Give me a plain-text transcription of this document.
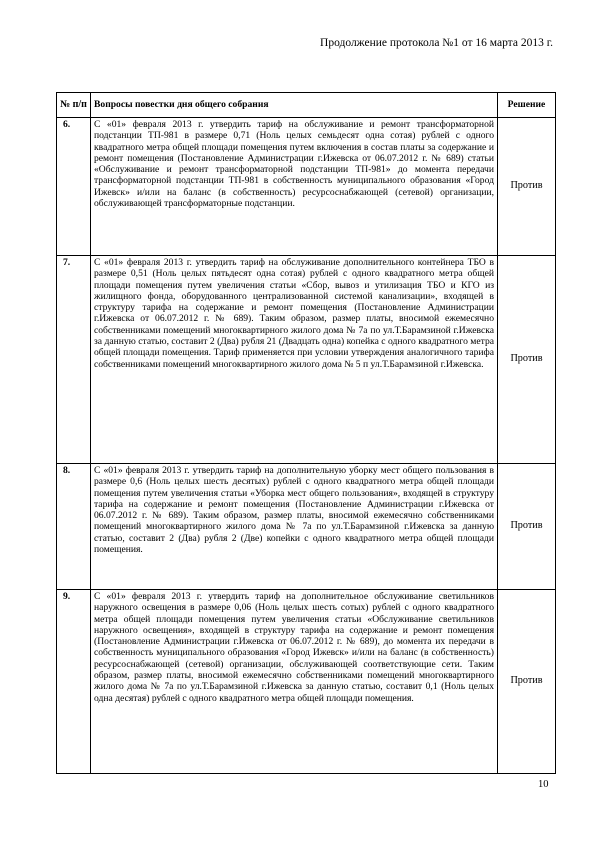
Продолжение протокола №1 от 16 марта 2013 г.
№ п/п	Вопросы повестки дня общего собрания	Решение
6.	С «01» февраля 2013 г. утвердить тариф на обслуживание и ремонт трансформаторной подстанции ТП-981 в размере 0,71 (Ноль целых семьдесят одна сотая) рублей с одного квадратного метра общей площади помещения путем включения в состав платы за содержание и ремонт помещения (Постановление Администрации г.Ижевска от 06.07.2012 г. № 689) статьи «Обслуживание и ремонт трансформаторной подстанции ТП-981» до момента передачи трансформаторной подстанции ТП-981 в собственность муниципального образования «Город Ижевск» и/или на баланс (в собственность) ресурсоснабжающей (сетевой) организации, обслуживающей трансформаторные подстанции.	Против
7.	С «01» февраля 2013 г. утвердить тариф на обслуживание дополнительного контейнера ТБО в размере 0,51 (Ноль целых пятьдесят одна сотая) рублей с одного квадратного метра общей площади помещения путем увеличения статьи «Сбор, вывоз и утилизация ТБО и КГО из жилищного фонда, оборудованного централизованной системой канализации», входящей в структуру тарифа на содержание и ремонт помещения (Постановление Администрации г.Ижевска от 06.07.2012 г. № 689). Таким образом, размер платы, вносимой ежемесячно собственниками помещений многоквартирного жилого дома № 7а по ул.Т.Барамзиной г.Ижевска за данную статью, составит 2 (Два) рубля 21 (Двадцать одна) копейка с одного квадратного метра общей площади помещения. Тариф применяется при условии утверждения аналогичного тарифа собственниками помещений многоквартирного жилого дома № 5 п ул.Т.Барамзиной г.Ижевска.	Против
8.	С «01» февраля 2013 г. утвердить тариф на дополнительную уборку мест общего пользования в размере 0,6 (Ноль целых шесть десятых) рублей с одного квадратного метра общей площади помещения путем увеличения статьи «Уборка мест общего пользования», входящей в структуру тарифа на содержание и ремонт помещения (Постановление Администрации г.Ижевска от 06.07.2012 г. № 689). Таким образом, размер платы, вносимой ежемесячно собственниками помещений многоквартирного жилого дома № 7а по ул.Т.Барамзиной г.Ижевска за данную статью, составит 2 (Два) рубля 2 (Две) копейки с одного квадратного метра общей площади помещения.	Против
9.	С «01» февраля 2013 г. утвердить тариф на дополнительное обслуживание светильников наружного освещения в размере 0,06 (Ноль целых шесть сотых) рублей с одного квадратного метра общей площади помещения путем увеличения статьи «Обслуживание светильников наружного освещения», входящей в структуру тарифа на содержание и ремонт помещения (Постановление Администрации г.Ижевска от 06.07.2012 г. № 689), до момента их передачи в собственность муниципального образования «Город Ижевск» и/или на баланс (в собственность) ресурсоснабжающей (сетевой) организации, обслуживающей соответствующие сети. Таким образом, размер платы, вносимой ежемесячно собственниками помещений многоквартирного жилого дома № 7а по ул.Т.Барамзиной г.Ижевска за данную статью, составит 0,1 (Ноль целых одна десятая) рублей с одного квадратного метра общей площади помещения.	Против
10
